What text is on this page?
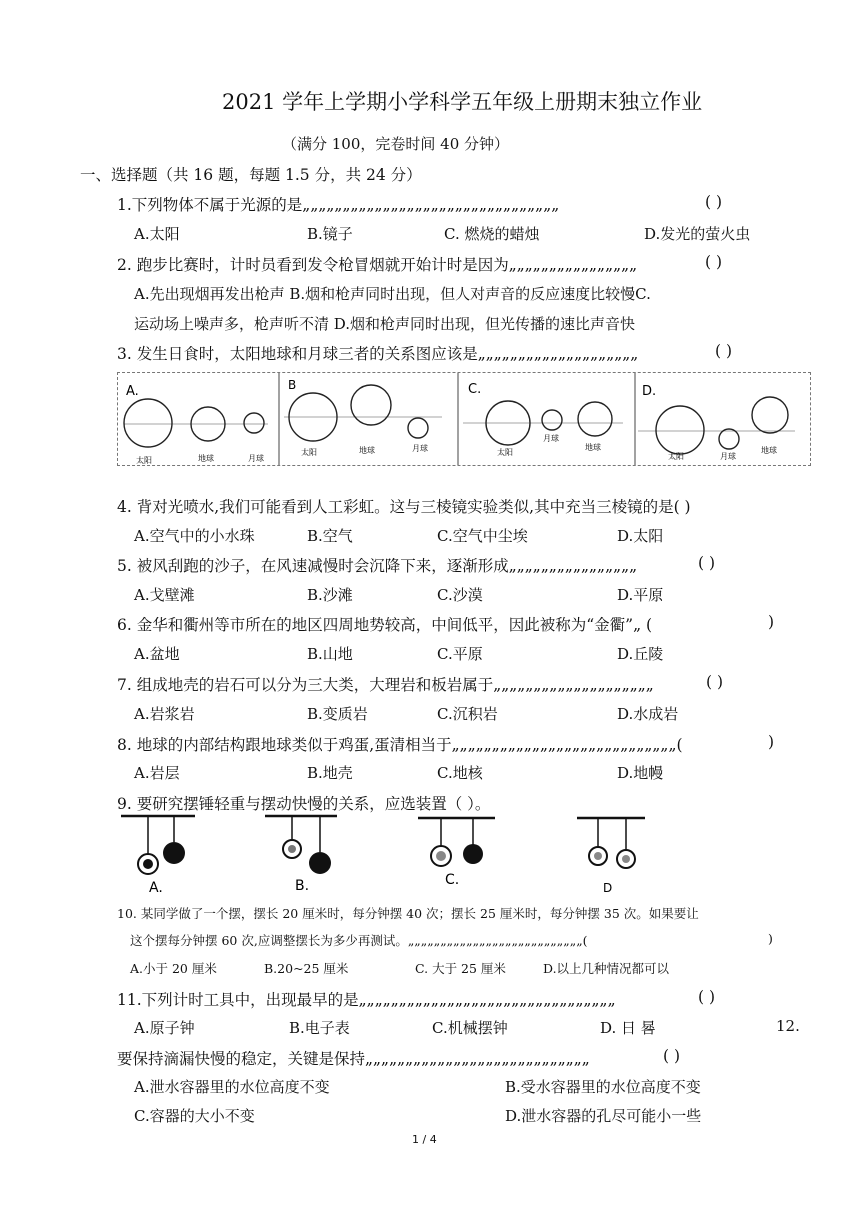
2021 学年上学期小学科学五年级上册期末独立作业
（满分 100，完卷时间 40 分钟）
一、选择题（共 16 题，每题 1.5 分，共 24 分）
1.下列物体不属于光源的是„„„„„„„„„„„„„„„„„„„„„„„„„„„„„„„„	( )
A.太阳	B.镜子	C. 燃烧的蜡烛	D.发光的萤火虫
2. 跑步比赛时，计时员看到发令枪冒烟就开始计时是因为„„„„„„„„„„„„„„„„	( )
A.先出现烟再发出枪声 B.烟和枪声同时出现，但人对声音的反应速度比较慢C.
运动场上噪声多，枪声听不清 D.烟和枪声同时出现，但光传播的速比声音快
3. 发生日食时，太阳地球和月球三者的关系图应该是„„„„„„„„„„„„„„„„„„„„	( )
A.
太阳	地球	月球
B
太阳	地球	月球
C.
太阳
月球
地球
D.
太阳	月球
地球
4. 背对光喷水,我们可能看到人工彩虹。这与三棱镜实验类似,其中充当三棱镜的是( )
A.空气中的小水珠	B.空气	C.空气中尘埃	D.太阳
5. 被风刮跑的沙子，在风速减慢时会沉降下来，逐渐形成„„„„„„„„„„„„„„„„	( )
A.戈壁滩	B.沙滩	C.沙漠	D.平原
6. 金华和衢州等市所在的地区四周地势较高，中间低平，因此被称为“金衢”„ (	)
A.盆地	B.山地	C.平原	D.丘陵
7. 组成地壳的岩石可以分为三大类，大理岩和板岩属于„„„„„„„„„„„„„„„„„„„„	( )
A.岩浆岩	B.变质岩	C.沉积岩	D.水成岩
8. 地球的内部结构跟地球类似于鸡蛋,蛋清相当于„„„„„„„„„„„„„„„„„„„„„„„„„„„„(	)
A.岩层	B.地壳	C.地核	D.地幔
9. 要研究摆锤轻重与摆动快慢的关系，应选装置（ ）。
A.	B.	C.	D
10. 某同学做了一个摆，摆长 20 厘米时，每分钟摆 40 次；摆长 25 厘米时，每分钟摆 35 次。如果要让
这个摆每分钟摆 60 次,应调整摆长为多少再测试。„„„„„„„„„„„„„„„„„„„„„„„„„„„(	)
A.小于 20 厘米	B.20~25 厘米	C. 大于 25 厘米	D.以上几种情况都可以
11.下列计时工具中，出现最早的是„„„„„„„„„„„„„„„„„„„„„„„„„„„„„„„„	( )
A.原子钟	B.电子表	C.机械摆钟	D. 日 晷	12.
要保持滴漏快慢的稳定，关键是保持„„„„„„„„„„„„„„„„„„„„„„„„„„„„	( )
A.泄水容器里的水位高度不变	B.受水容器里的水位高度不变
C.容器的大小不变	D.泄水容器的孔尽可能小一些
1 / 4
